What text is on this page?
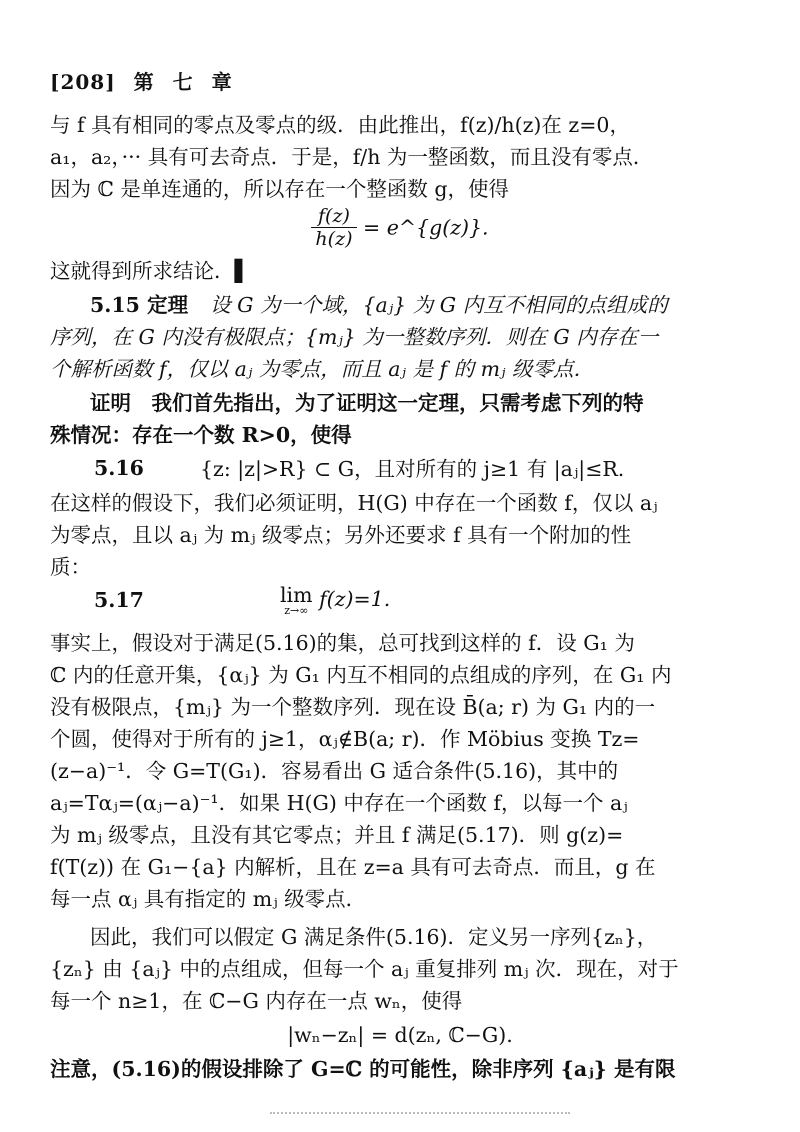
[208] 第 七 章
与 f 具有相同的零点及零点的级．由此推出，f(z)/h(z)在 z=0，
a₁，a₂，··· 具有可去奇点．于是，f/h 为一整函数，而且没有零点．
因为 ℂ 是单连通的，所以存在一个整函数 g，使得
$\frac{f(z)}{h(z)}$ = e^{g(z)}.
这就得到所求结论．▌
5.15 定理 设 G 为一个域，{aⱼ} 为 G 内互不相同的点组成的
序列，在 G 内没有极限点；{mⱼ} 为一整数序列．则在 G 内存在一
个解析函数 f，仅以 aⱼ 为零点，而且 aⱼ 是 f 的 mⱼ 级零点．
证明　我们首先指出，为了证明这一定理，只需考虑下列的特
殊情况：存在一个数 R>0，使得
5.16	{z: |z|>R} ⊂ G，且对所有的 j≥1 有 |aⱼ|≤R.
在这样的假设下，我们必须证明，H(G) 中存在一个函数 f，仅以 aⱼ
为零点，且以 aⱼ 为 mⱼ 级零点；另外还要求 f 具有一个附加的性
质：
5.17	lim
z→∞ f(z)=1.
事实上，假设对于满足(5.16)的集，总可找到这样的 f．设 G₁ 为
ℂ 内的任意开集，{αⱼ} 为 G₁ 内互不相同的点组成的序列，在 G₁ 内
没有极限点，{mⱼ} 为一个整数序列．现在设 B̄(a; r) 为 G₁ 内的一
个圆，使得对于所有的 j≥1，αⱼ∉B(a; r)．作 Möbius 变换 Tz=
(z−a)⁻¹．令 G=T(G₁)．容易看出 G 适合条件(5.16)，其中的
aⱼ=Tαⱼ=(αⱼ−a)⁻¹．如果 H(G) 中存在一个函数 f，以每一个 aⱼ
为 mⱼ 级零点，且没有其它零点；并且 f 满足(5.17)．则 g(z)=
f(T(z)) 在 G₁−{a} 内解析，且在 z=a 具有可去奇点．而且，g 在
每一点 αⱼ 具有指定的 mⱼ 级零点．
因此，我们可以假定 G 满足条件(5.16)．定义另一序列{zₙ}，
{zₙ} 由 {aⱼ} 中的点组成，但每一个 aⱼ 重复排列 mⱼ 次．现在，对于
每一个 n≥1，在 ℂ−G 内存在一点 wₙ，使得
|wₙ−zₙ| = d(zₙ, ℂ−G).
注意，(5.16)的假设排除了 G=ℂ 的可能性，除非序列 {aⱼ} 是有限
